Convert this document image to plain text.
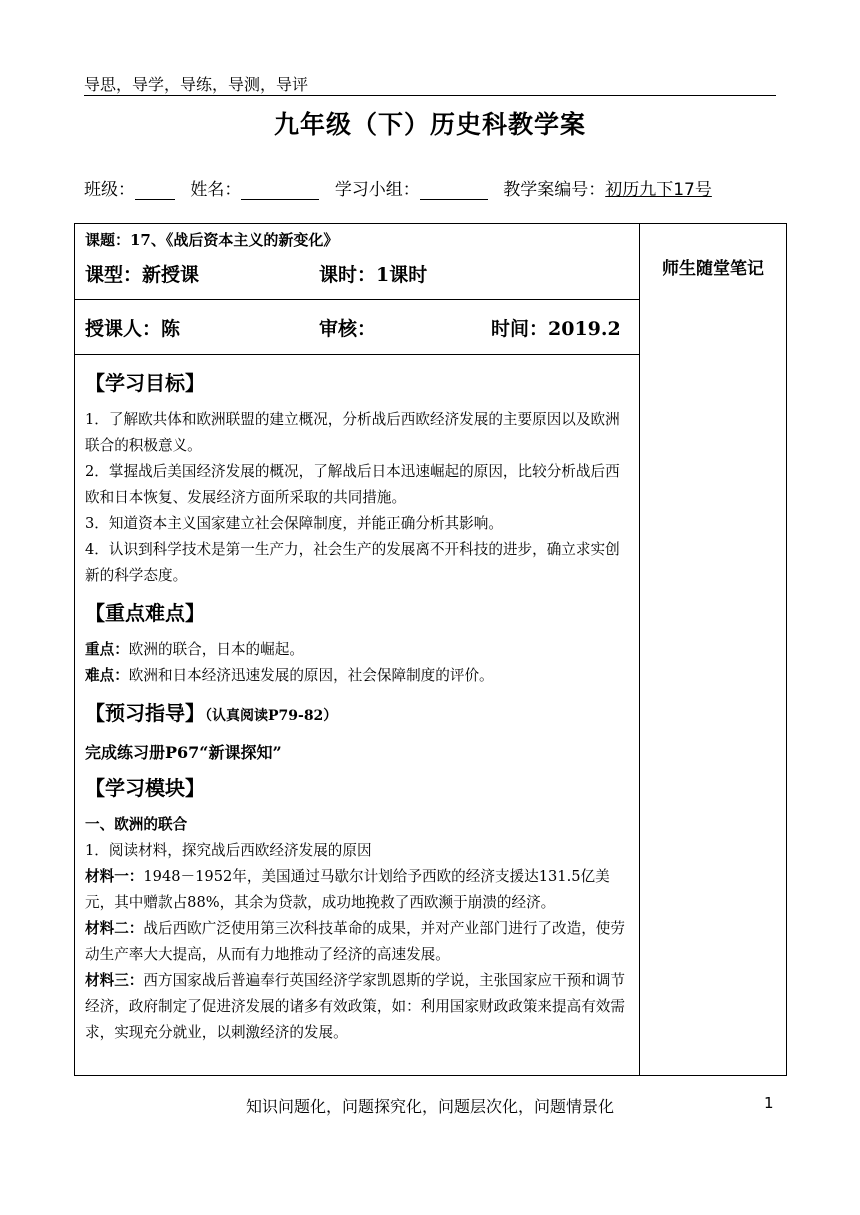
导思，导学，导练，导测，导评
九年级（下）历史科教学案
班级：	姓名：	学习小组：	教学案编号：初历九下17号
课题：17、《战后资本主义的新变化》
课型：新授课	课时：1课时	师生随堂笔记

授课人：陈	审核：	时间：2019.2

【学习目标】

1．了解欧共体和欧洲联盟的建立概况，分析战后西欧经济发展的主要原因以及欧洲联合的积极意义。

2．掌握战后美国经济发展的概况，了解战后日本迅速崛起的原因，比较分析战后西欧和日本恢复、发展经济方面所采取的共同措施。

3．知道资本主义国家建立社会保障制度，并能正确分析其影响。

4．认识到科学技术是第一生产力，社会生产的发展离不开科技的进步，确立求实创新的科学态度。

【重点难点】

重点：欧洲的联合，日本的崛起。

难点：欧洲和日本经济迅速发展的原因，社会保障制度的评价。

【预习指导】（认真阅读P79-82）
完成练习册P67“新课探知”
【学习模块】

一、欧洲的联合

1．阅读材料，探究战后西欧经济发展的原因

材料一：1948－1952年，美国通过马歇尔计划给予西欧的经济支援达131.5亿美元，其中赠款占88%，其余为贷款，成功地挽救了西欧濒于崩溃的经济。

材料二：战后西欧广泛使用第三次科技革命的成果，并对产业部门进行了改造，使劳动生产率大大提高，从而有力地推动了经济的高速发展。

材料三：西方国家战后普遍奉行英国经济学家凯恩斯的学说，主张国家应干预和调节经济，政府制定了促进济发展的诸多有效政策，如：利用国家财政政策来提高有效需求，实现充分就业，以刺激经济的发展。

知识问题化，问题探究化，问题层次化，问题情景化	1
